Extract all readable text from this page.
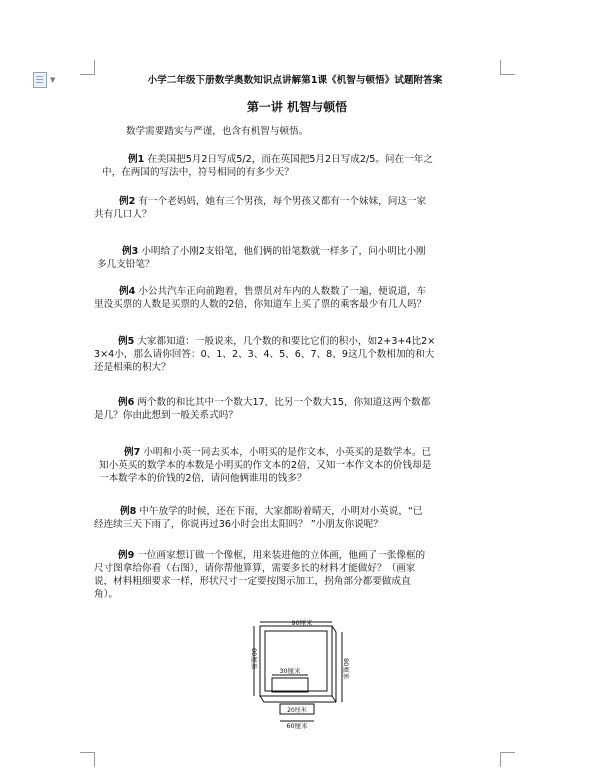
▼	小学二年级下册数学奥数知识点讲解第1课《机智与顿悟》试题附答案
第一讲 机智与顿悟
数学需要踏实与严谨，也含有机智与顿悟。
例1 在美国把5月2日写成5/2，而在英国把5月2日写成2/5。问在一年之
中，在两国的写法中，符号相同的有多少天？
例2 有一个老妈妈，她有三个男孩，每个男孩又都有一个妹妹，问这一家
共有几口人？
例3 小明给了小刚2支铅笔，他们俩的铅笔数就一样多了，问小明比小刚
多几支铅笔？
例4 小公共汽车正向前跑着，售票员对车内的人数数了一遍，便说道，车
里没买票的人数是买票的人数的2倍，你知道车上买了票的乘客最少有几人吗？
例5 大家都知道：一般说来，几个数的和要比它们的积小，如2+3+4比2×
3×4小，那么请你回答：0、1、2、3、4、5、6、7、8、9这几个数相加的和大
还是相乘的积大？
例6 两个数的和比其中一个数大17，比另一个数大15，你知道这两个数都
是几？你由此想到一般关系式吗？
例7 小明和小英一同去买本，小明买的是作文本，小英买的是数学本。已
知小英买的数学本的本数是小明买的作文本的2倍，又知一本作文本的价钱却是
一本数学本的价钱的2倍，请问他俩谁用的钱多？
例8 中午放学的时候，还在下雨，大家都盼着晴天，小明对小英说，“已
经连续三天下雨了，你说再过36小时会出太阳吗？ ”小朋友你说呢？
例9 一位画家想订做一个像框，用来装进他的立体画，他画了一张像框的
尺寸图拿给你看（右图），请你帮他算算，需要多长的材料才能做好？（画家
说，材料粗细要求一样，形状尺寸一定要按图示加工，拐角部分都要做成直
角）。
90厘米
80厘米	80厘米
30厘米
20厘米
60厘米
